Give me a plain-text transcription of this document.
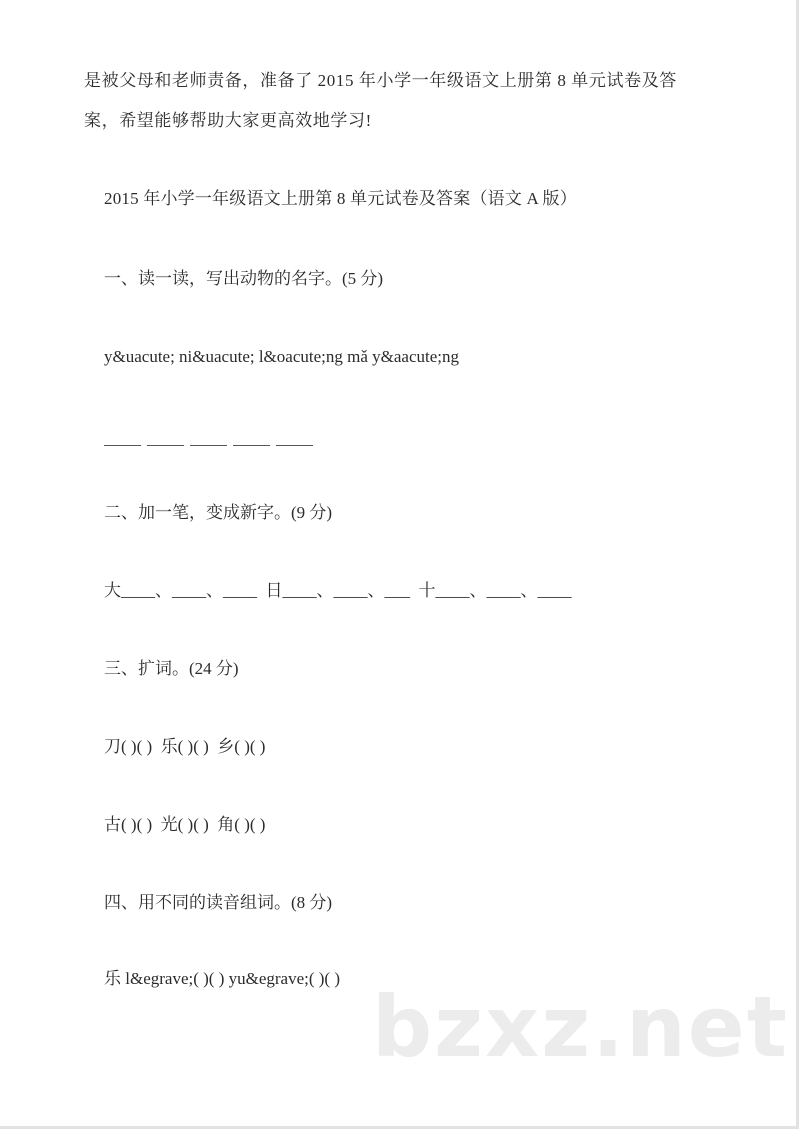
是被父母和老师责备，准备了 2015 年小学一年级语文上册第 8 单元试卷及答
案，希望能够帮助大家更高效地学习!
2015 年小学一年级语文上册第 8 单元试卷及答案（语文 A 版）
一、读一读，写出动物的名字。(5 分)
y&uacute; ni&uacute; l&oacute;ng mǎ y&aacute;ng
二、加一笔，变成新字。(9 分)
大____、____、____  日____、____、___  十____、____、____
三、扩词。(24 分)
刀( )( )  乐( )( )  乡( )( )
古( )( )  光( )( )  角( )( )
四、用不同的读音组词。(8 分)
乐 l&egrave;( )( ) yu&egrave;( )( ) bzxz.net
